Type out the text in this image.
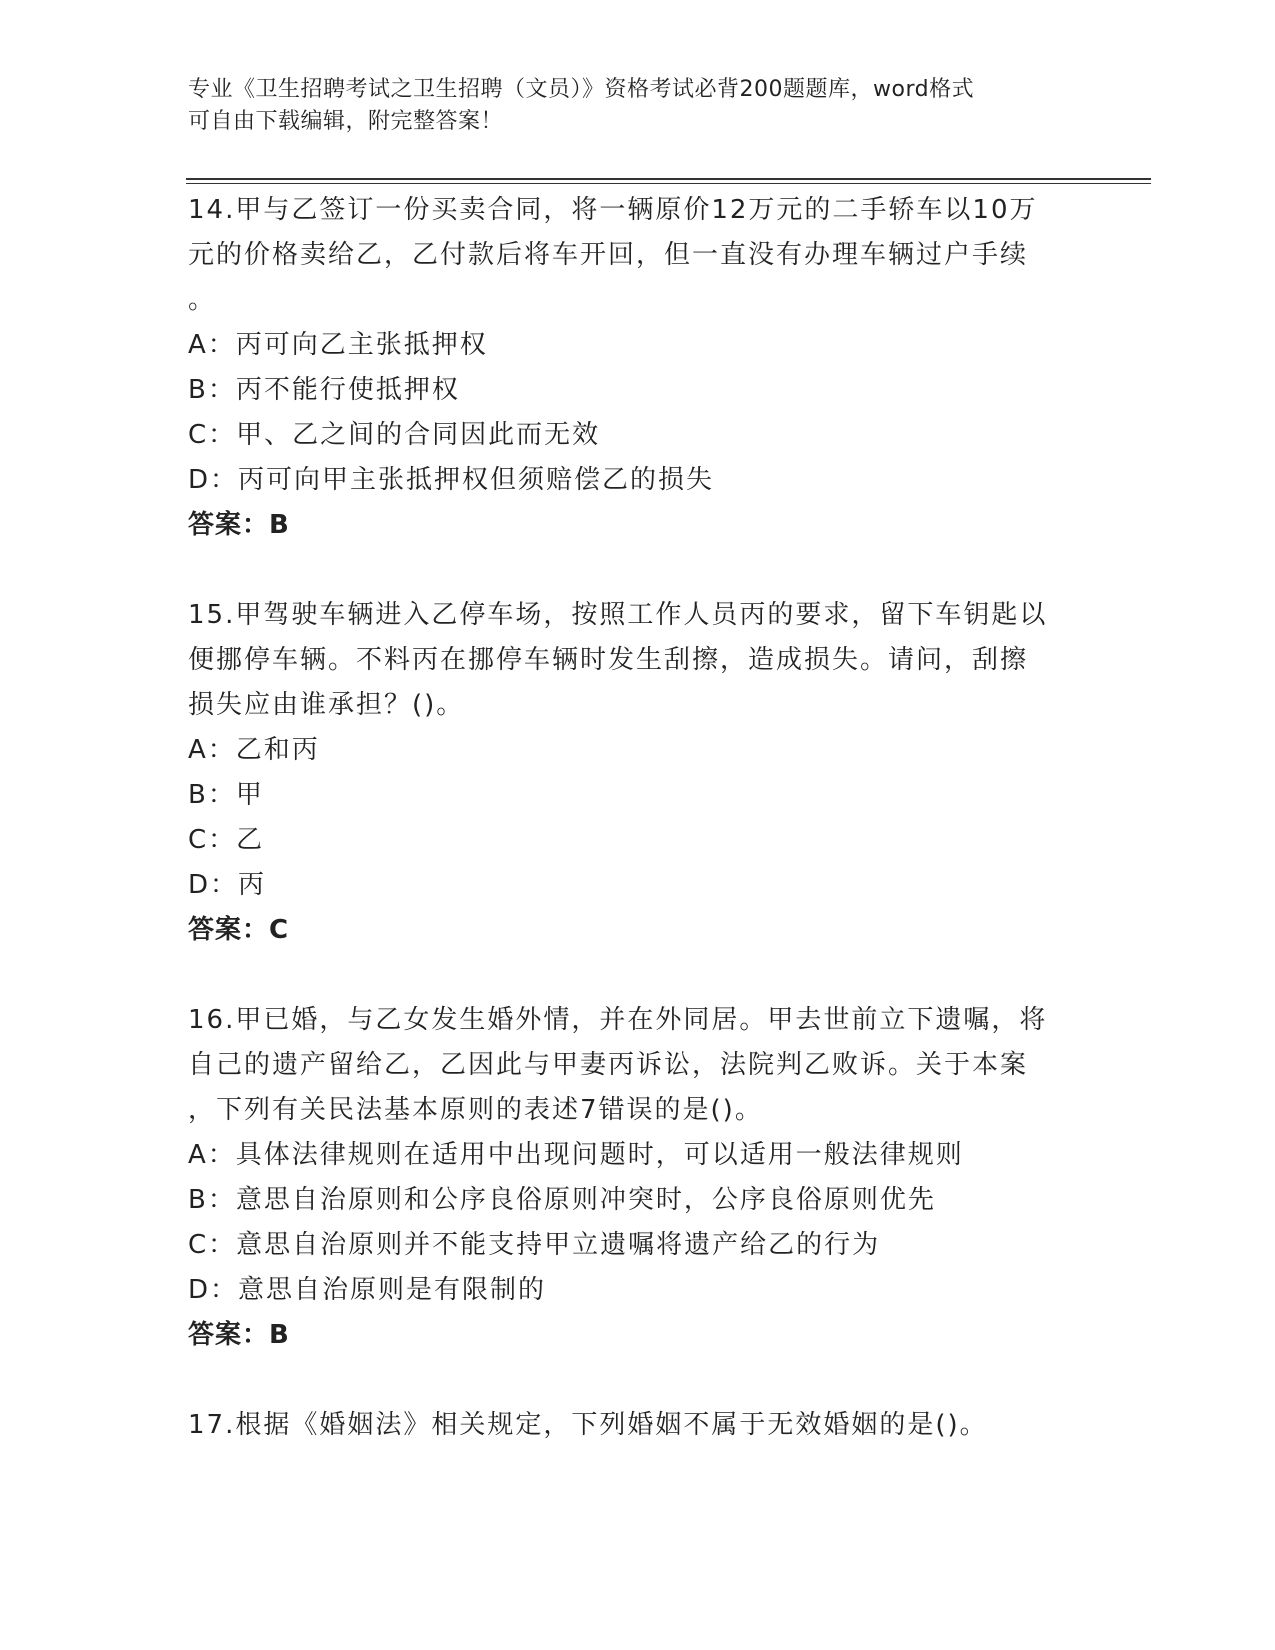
专业《卫生招聘考试之卫生招聘（文员）》资格考试必背200题题库，word格式
可自由下载编辑，附完整答案！

14.甲与乙签订一份买卖合同，将一辆原价12万元的二手轿车以10万
元的价格卖给乙，乙付款后将车开回，但一直没有办理车辆过户手续
。

A：丙可向乙主张抵押权

B：丙不能行使抵押权

C：甲、乙之间的合同因此而无效

D：丙可向甲主张抵押权但须赔偿乙的损失

答案：B

15.甲驾驶车辆进入乙停车场，按照工作人员丙的要求，留下车钥匙以
便挪停车辆。不料丙在挪停车辆时发生刮擦，造成损失。请问，刮擦
损失应由谁承担？()。

A：乙和丙

B：甲

C：乙

D：丙

答案：C

16.甲已婚，与乙女发生婚外情，并在外同居。甲去世前立下遗嘱，将
自己的遗产留给乙，乙因此与甲妻丙诉讼，法院判乙败诉。关于本案
，下列有关民法基本原则的表述7错误的是()。

A：具体法律规则在适用中出现问题时，可以适用一般法律规则

B：意思自治原则和公序良俗原则冲突时，公序良俗原则优先

C：意思自治原则并不能支持甲立遗嘱将遗产给乙的行为

D：意思自治原则是有限制的

答案：B

17.根据《婚姻法》相关规定，下列婚姻不属于无效婚姻的是()。
